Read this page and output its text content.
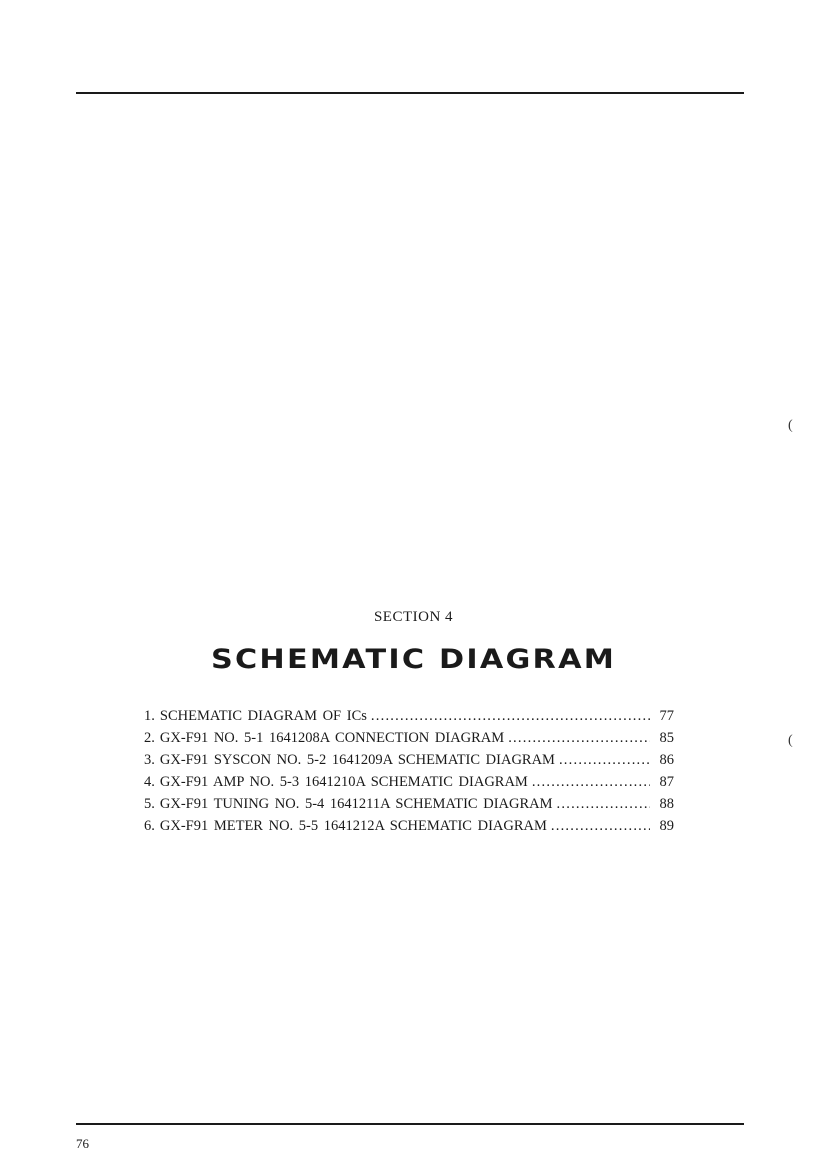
SECTION 4
SCHEMATIC DIAGRAM
1. SCHEMATIC DIAGRAM OF ICs . . .	77
2. GX-F91 NO. 5-1 1641208A CONNECTION DIAGRAM . . .	85
3. GX-F91 SYSCON NO. 5-2 1641209A SCHEMATIC DIAGRAM . . .	86
4. GX-F91 AMP NO. 5-3 1641210A SCHEMATIC DIAGRAM . . .	87
5. GX-F91 TUNING NO. 5-4 1641211A SCHEMATIC DIAGRAM . . .	88
6. GX-F91 METER NO. 5-5 1641212A SCHEMATIC DIAGRAM . . .	89
(
(
76
